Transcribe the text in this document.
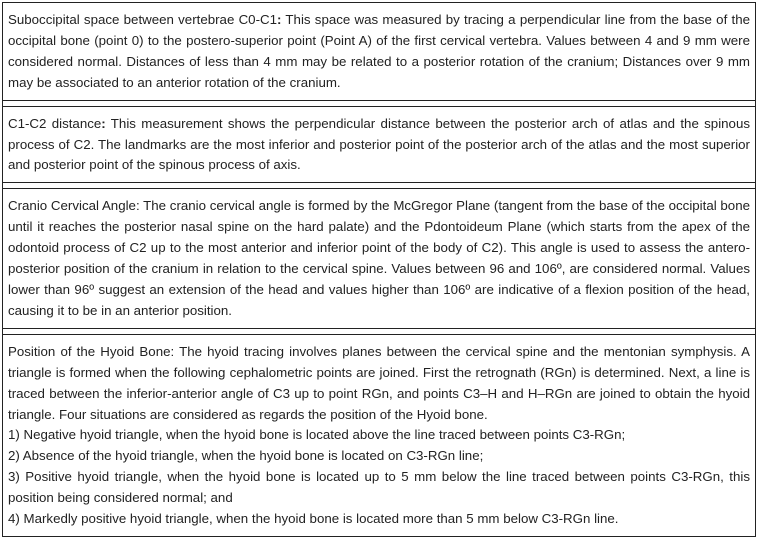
Suboccipital space between vertebrae C0-C1: This space was measured by tracing a perpendicular line from the base of the occipital bone (point 0) to the postero-superior point (Point A) of the first cervical vertebra. Values between 4 and 9 mm were considered normal. Distances of less than 4 mm may be related to a posterior rotation of the cranium; Distances over 9 mm may be associated to an anterior rotation of the cranium.

C1-C2 distance: This measurement shows the perpendicular distance between the posterior arch of atlas and the spinous process of C2. The landmarks are the most inferior and posterior point of the posterior arch of the atlas and the most superior and posterior point of the spinous process of axis.

Cranio Cervical Angle: The cranio cervical angle is formed by the McGregor Plane (tangent from the base of the occipital bone until it reaches the posterior nasal spine on the hard palate) and the Pdontoideum Plane (which starts from the apex of the odontoid process of C2 up to the most anterior and inferior point of the body of C2). This angle is used to assess the antero-posterior position of the cranium in relation to the cervical spine. Values between 96 and 106º, are considered normal. Values lower than 96º suggest an extension of the head and values higher than 106º are indicative of a flexion position of the head, causing it to be in an anterior position.

Position of the Hyoid Bone: The hyoid tracing involves planes between the cervical spine and the mentonian symphysis. A triangle is formed when the following cephalometric points are joined. First the retrognath (RGn) is determined. Next, a line is traced between the inferior-anterior angle of C3 up to point RGn, and points C3–H and H–RGn are joined to obtain the hyoid triangle. Four situations are considered as regards the position of the Hyoid bone.

1) Negative hyoid triangle, when the hyoid bone is located above the line traced between points C3-RGn;
2) Absence of the hyoid triangle, when the hyoid bone is located on C3-RGn line;
3) Positive hyoid triangle, when the hyoid bone is located up to 5 mm below the line traced between points C3-RGn, this position being considered normal; and
4) Markedly positive hyoid triangle, when the hyoid bone is located more than 5 mm below C3-RGn line.
